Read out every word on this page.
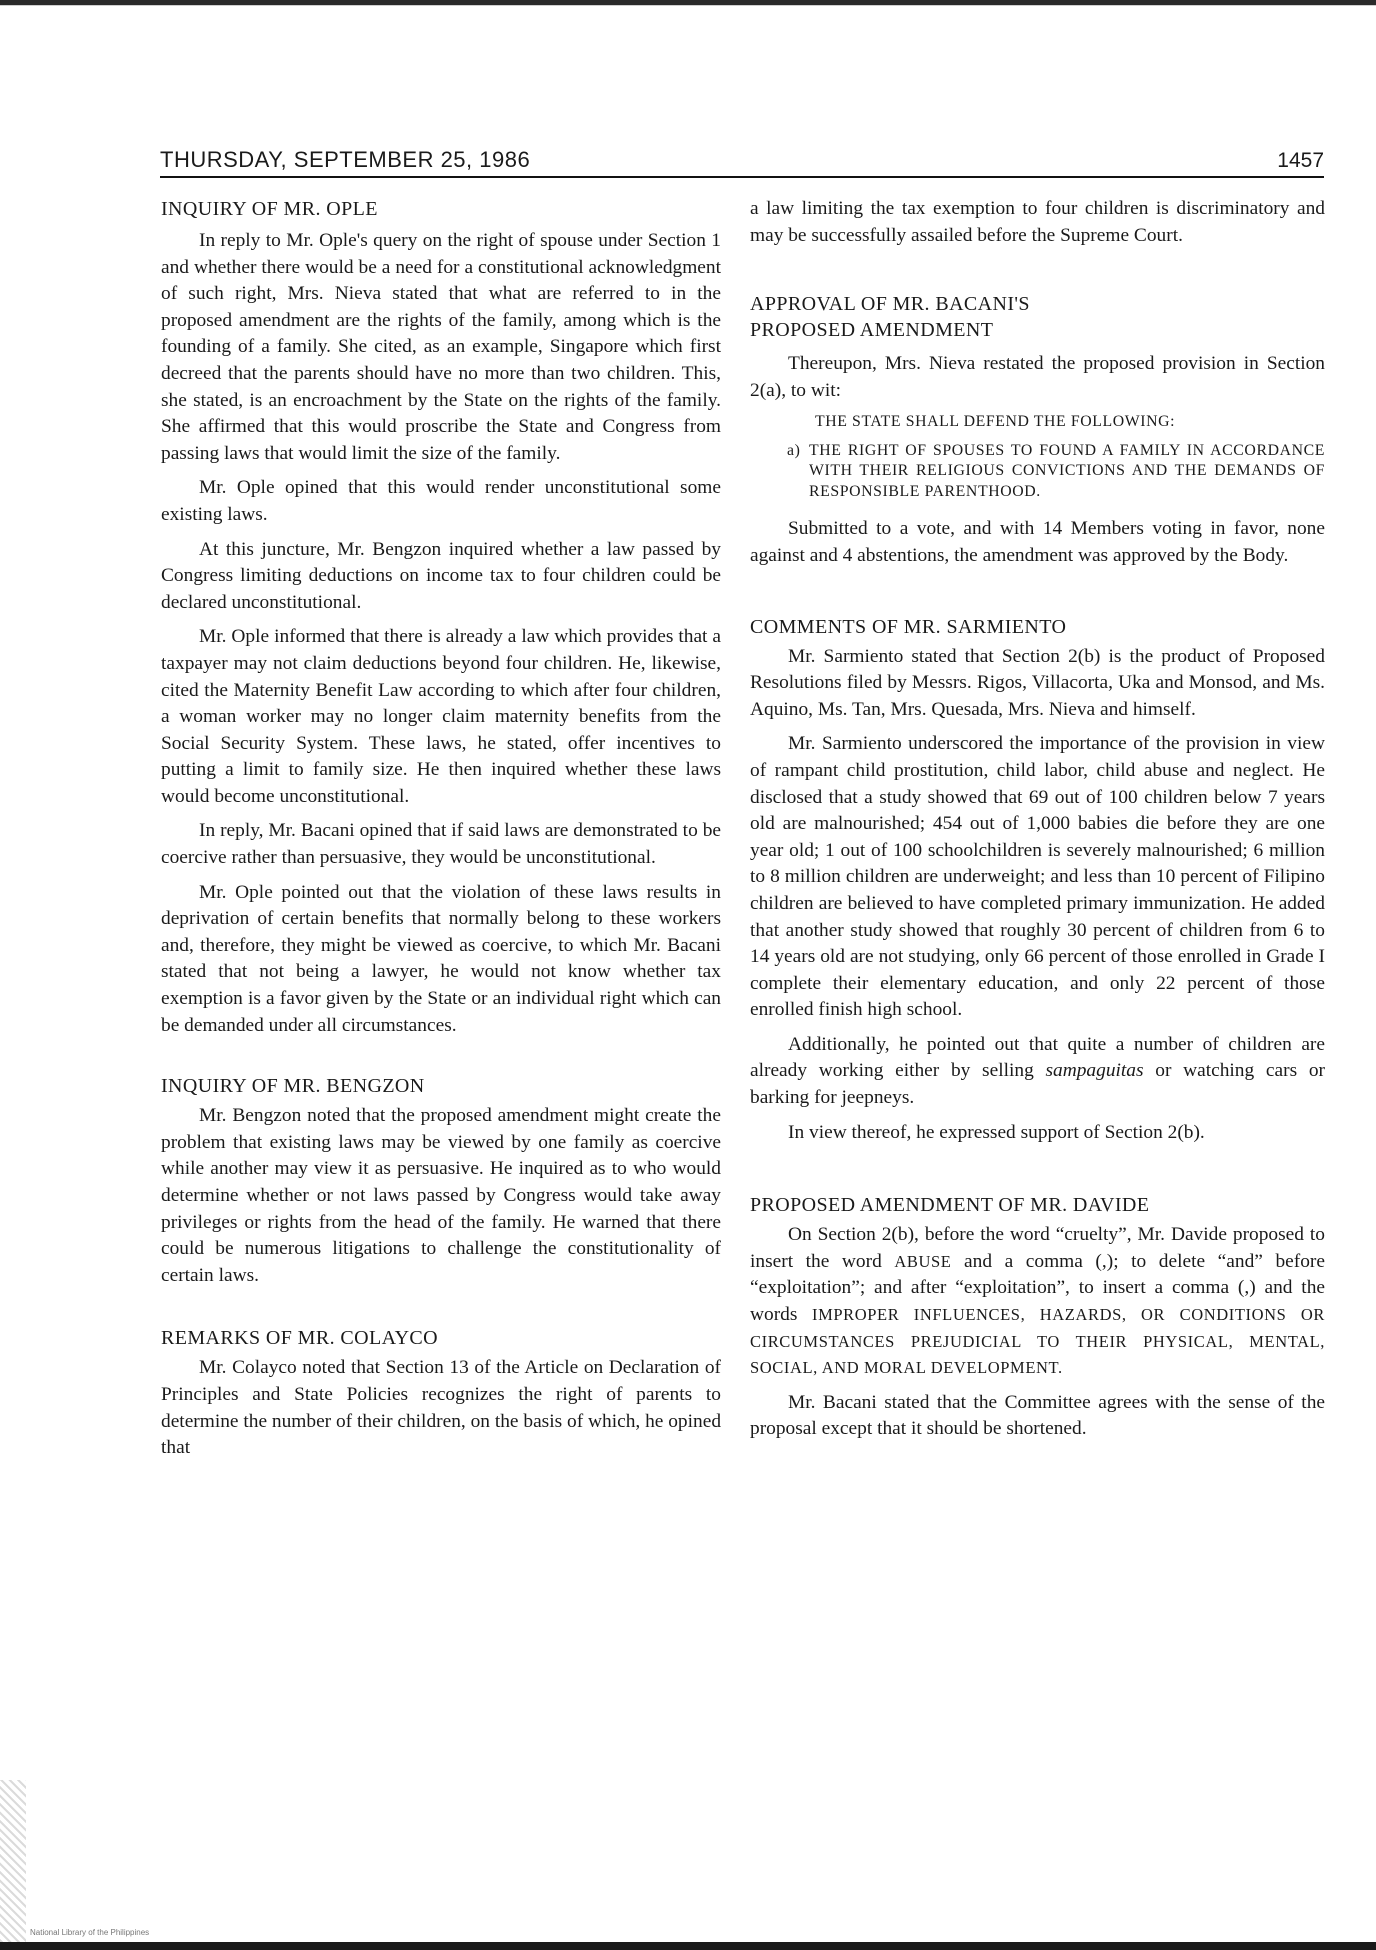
THURSDAY, SEPTEMBER 25, 1986	1457
INQUIRY OF MR. OPLE

In reply to Mr. Ople's query on the right of spouse under Section 1 and whether there would be a need for a constitutional acknowledgment of such right, Mrs. Nieva stated that what are referred to in the proposed amendment are the rights of the family, among which is the founding of a family. She cited, as an example, Singapore which first decreed that the parents should have no more than two children. This, she stated, is an encroachment by the State on the rights of the family. She affirmed that this would proscribe the State and Congress from passing laws that would limit the size of the family.

Mr. Ople opined that this would render unconstitutional some existing laws.

At this juncture, Mr. Bengzon inquired whether a law passed by Congress limiting deductions on income tax to four children could be declared unconstitutional.

Mr. Ople informed that there is already a law which provides that a taxpayer may not claim deductions beyond four children. He, likewise, cited the Maternity Benefit Law according to which after four children, a woman worker may no longer claim maternity benefits from the Social Security System. These laws, he stated, offer incentives to putting a limit to family size. He then inquired whether these laws would become unconstitutional.

In reply, Mr. Bacani opined that if said laws are demonstrated to be coercive rather than persuasive, they would be unconstitutional.

Mr. Ople pointed out that the violation of these laws results in deprivation of certain benefits that normally belong to these workers and, therefore, they might be viewed as coercive, to which Mr. Bacani stated that not being a lawyer, he would not know whether tax exemption is a favor given by the State or an individual right which can be demanded under all circumstances.

INQUIRY OF MR. BENGZON

Mr. Bengzon noted that the proposed amendment might create the problem that existing laws may be viewed by one family as coercive while another may view it as persuasive. He inquired as to who would determine whether or not laws passed by Congress would take away privileges or rights from the head of the family. He warned that there could be numerous litigations to challenge the constitutionality of certain laws.

REMARKS OF MR. COLAYCO

Mr. Colayco noted that Section 13 of the Article on Declaration of Principles and State Policies recognizes the right of parents to determine the number of their children, on the basis of which, he opined that

a law limiting the tax exemption to four children is discriminatory and may be successfully assailed before the Supreme Court.

APPROVAL OF MR. BACANI'S
PROPOSED AMENDMENT

Thereupon, Mrs. Nieva restated the proposed provision in Section 2(a), to wit:

THE STATE SHALL DEFEND THE FOLLOWING:
a) THE RIGHT OF SPOUSES TO FOUND A FAMILY IN ACCORDANCE WITH THEIR RELIGIOUS CONVICTIONS AND THE DEMANDS OF RESPONSIBLE PARENTHOOD.

Submitted to a vote, and with 14 Members voting in favor, none against and 4 abstentions, the amendment was approved by the Body.

COMMENTS OF MR. SARMIENTO

Mr. Sarmiento stated that Section 2(b) is the product of Proposed Resolutions filed by Messrs. Rigos, Villacorta, Uka and Monsod, and Ms. Aquino, Ms. Tan, Mrs. Quesada, Mrs. Nieva and himself.

Mr. Sarmiento underscored the importance of the provision in view of rampant child prostitution, child labor, child abuse and neglect. He disclosed that a study showed that 69 out of 100 children below 7 years old are malnourished; 454 out of 1,000 babies die before they are one year old; 1 out of 100 schoolchildren is severely malnourished; 6 million to 8 million children are underweight; and less than 10 percent of Filipino children are believed to have completed primary immunization. He added that another study showed that roughly 30 percent of children from 6 to 14 years old are not studying, only 66 percent of those enrolled in Grade I complete their elementary education, and only 22 percent of those enrolled finish high school.

Additionally, he pointed out that quite a number of children are already working either by selling sampaguitas or watching cars or barking for jeepneys.

In view thereof, he expressed support of Section 2(b).

PROPOSED AMENDMENT OF MR. DAVIDE

On Section 2(b), before the word “cruelty”, Mr. Davide proposed to insert the word ABUSE and a comma (,); to delete “and” before “exploitation”; and after “exploitation”, to insert a comma (,) and the words IMPROPER INFLUENCES, HAZARDS, OR CONDITIONS OR CIRCUMSTANCES PREJUDICIAL TO THEIR PHYSICAL, MENTAL, SOCIAL, AND MORAL DEVELOPMENT.

Mr. Bacani stated that the Committee agrees with the sense of the proposal except that it should be shortened.

National Library of the Philippines
